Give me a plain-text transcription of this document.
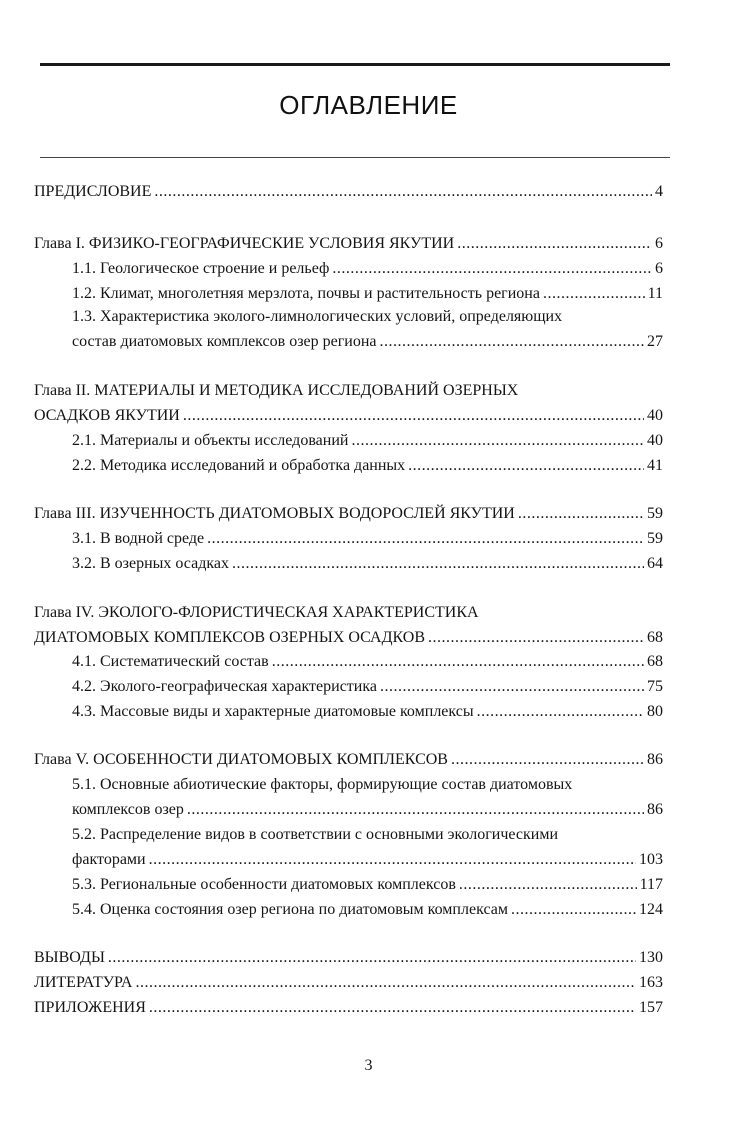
ОГЛАВЛЕНИЕ
ПРЕДИСЛОВИЕ .....	4
Глава I. ФИЗИКО-ГЕОГРАФИЧЕСКИЕ УСЛОВИЯ ЯКУТИИ .....	6
1.1. Геологическое строение и рельеф .....	6
1.2. Климат, многолетняя мерзлота, почвы и растительность региона .....	11
1.3. Характеристика эколого-лимнологических условий, определяющих
состав диатомовых комплексов озер региона .....	27
Глава II. МАТЕРИАЛЫ И МЕТОДИКА ИССЛЕДОВАНИЙ ОЗЕРНЫХ
ОСАДКОВ ЯКУТИИ .....	40
2.1. Материалы и объекты исследований .....	40
2.2. Методика исследований и обработка данных .....	41
Глава III. ИЗУЧЕННОСТЬ ДИАТОМОВЫХ ВОДОРОСЛЕЙ ЯКУТИИ .....	59
3.1. В водной среде .....	59
3.2. В озерных осадках .....	64
Глава IV. ЭКОЛОГО-ФЛОРИСТИЧЕСКАЯ ХАРАКТЕРИСТИКА
ДИАТОМОВЫХ КОМПЛЕКСОВ ОЗЕРНЫХ ОСАДКОВ .....	68
4.1. Систематический состав .....	68
4.2. Эколого-географическая характеристика .....	75
4.3. Массовые виды и характерные диатомовые комплексы .....	80
Глава V. ОСОБЕННОСТИ ДИАТОМОВЫХ КОМПЛЕКСОВ .....	86
5.1. Основные абиотические факторы, формирующие состав диатомовых
комплексов озер .....	86
5.2. Распределение видов в соответствии с основными экологическими
факторами .....	103
5.3. Региональные особенности диатомовых комплексов .....	117
5.4. Оценка состояния озер региона по диатомовым комплексам .....	124
ВЫВОДЫ .....	130
ЛИТЕРАТУРА .....	163
ПРИЛОЖЕНИЯ .....	157
3
